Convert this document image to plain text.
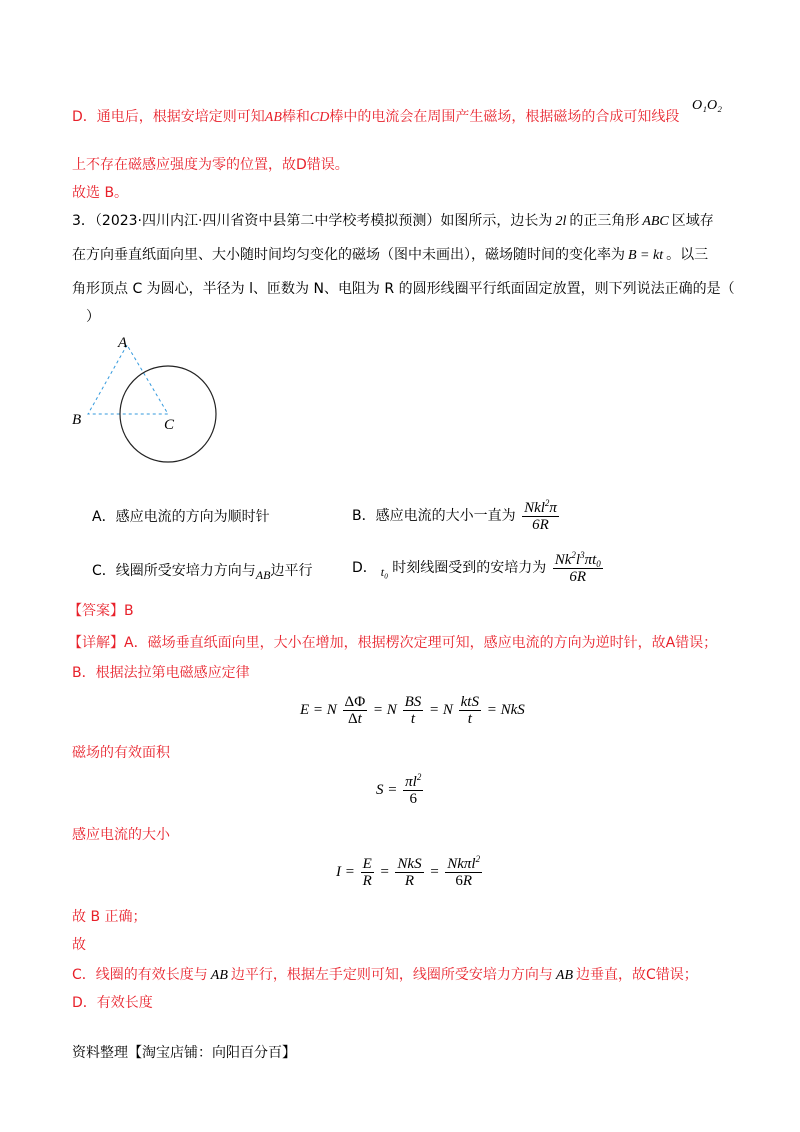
D．通电后，根据安培定则可知AB棒和CD棒中的电流会在周围产生磁场，根据磁场的合成可知线段
O₁O₂
上不存在磁感应强度为零的位置，故D错误。
故选 B。
3．（2023·四川内江·四川省资中县第二中学校考模拟预测）如图所示，边长为 2l 的正三角形 ABC 区域存
在方向垂直纸面向里、大小随时间均匀变化的磁场（图中未画出），磁场随时间的变化率为 B = kt 。以三
角形顶点 C 为圆心，半径为 l、匝数为 N、电阻为 R 的圆形线圈平行纸面固定放置，则下列说法正确的是（
）
A
B	C
A．感应电流的方向为顺时针	B．感应电流的大小一直为 $\frac{Nkl^2\pi}{6R}$
C．线圈所受安培力方向与AB边平行	D． t₀ 时刻线圈受到的安培力为 $\frac{Nk^2l^3\pi t_0}{6R}$
【答案】B
【详解】A．磁场垂直纸面向里，大小在增加，根据楞次定理可知，感应电流的方向为逆时针，故A错误；
B．根据法拉第电磁感应定律
E = N $\frac{\Delta\Phi}{\Delta t} = N \frac{BS}{t} = N \frac{\text{ktS}}{t}$ = NkS
磁场的有效面积
$S = \frac{\pi l^2}{6}$
感应电流的大小
$I = \frac{E}{R} = \frac{\text{NkS}}{R} = \frac{Nk\pi l^2}{6R}$
故 B 正确；
故
C．线圈的有效长度与 AB 边平行，根据左手定则可知，线圈所受安培力方向与 AB 边垂直，故C错误；
D．有效长度
资料整理【淘宝店铺：向阳百分百】
